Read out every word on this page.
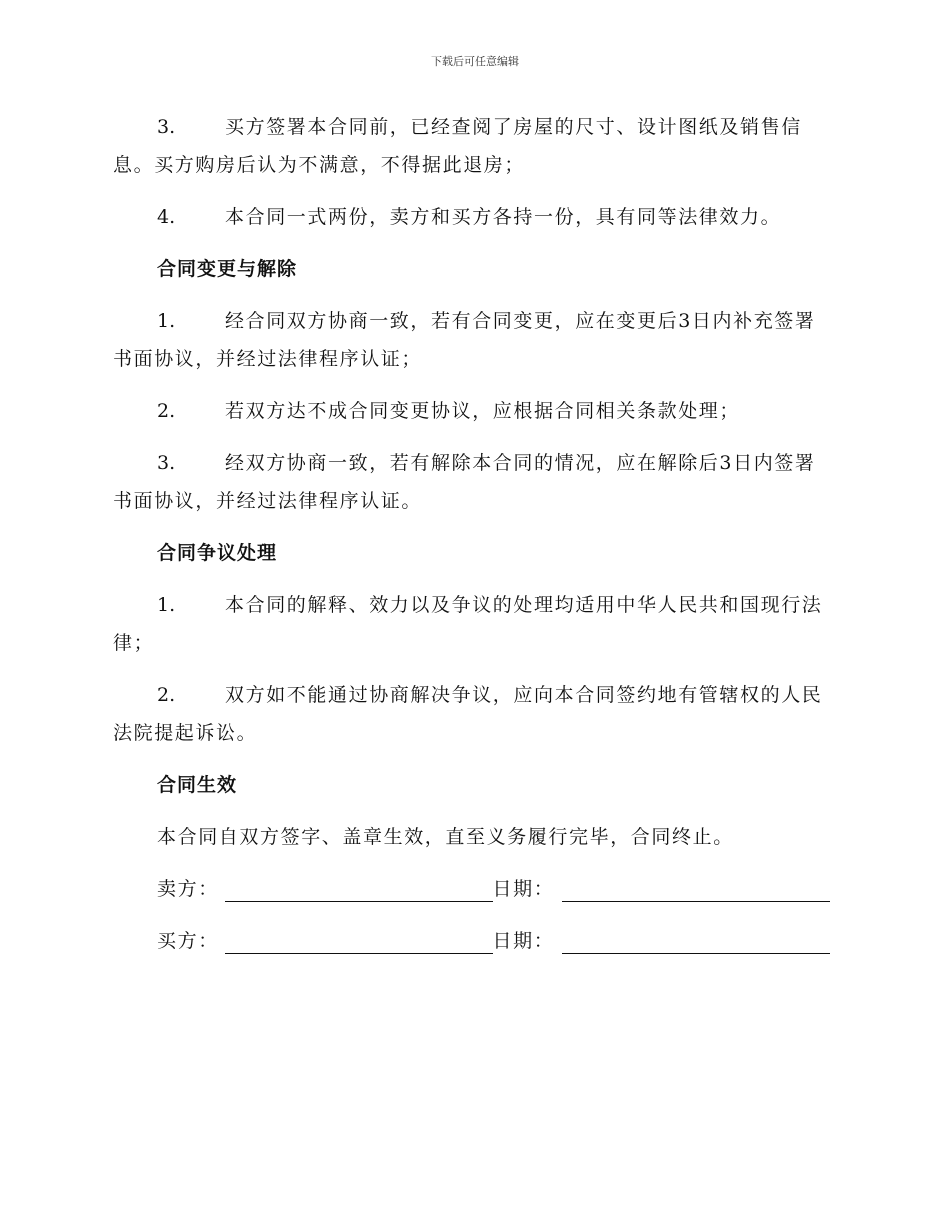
下载后可任意编辑

3.	买方签署本合同前，已经查阅了房屋的尺寸、设计图纸及销售信息。买方购房后认为不满意，不得据此退房；

4.	本合同一式两份，卖方和买方各持一份，具有同等法律效力。

合同变更与解除

1.	经合同双方协商一致，若有合同变更，应在变更后3日内补充签署书面协议，并经过法律程序认证；

2.	若双方达不成合同变更协议，应根据合同相关条款处理；

3.	经双方协商一致，若有解除本合同的情况，应在解除后3日内签署书面协议，并经过法律程序认证。

合同争议处理

1.	本合同的解释、效力以及争议的处理均适用中华人民共和国现行法律；

2.	双方如不能通过协商解决争议，应向本合同签约地有管辖权的人民法院提起诉讼。

合同生效
本合同自双方签字、盖章生效，直至义务履行完毕，合同终止。
卖方：	日期：
买方：	日期：
